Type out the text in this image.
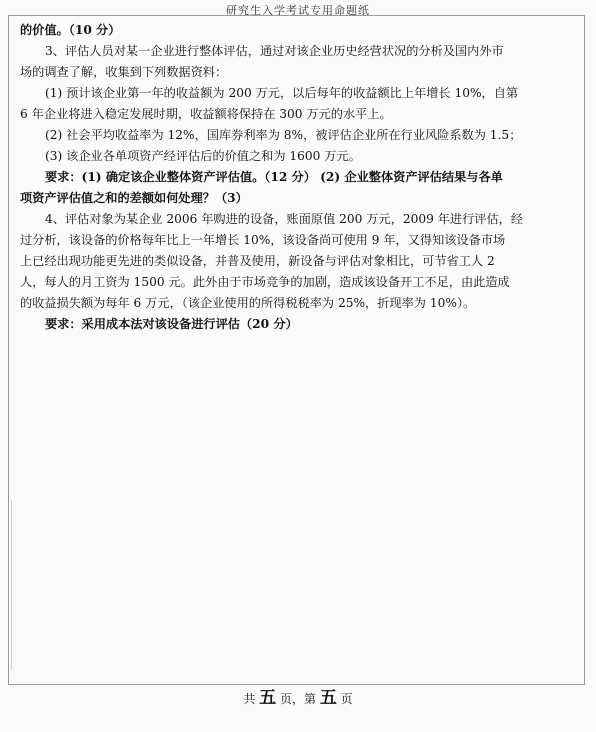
研究生入学考试专用命题纸
的价值。（10 分）
3、评估人员对某一企业进行整体评估，通过对该企业历史经营状况的分析及国内外市
场的调查了解，收集到下列数据资料：
(1) 预计该企业第一年的收益额为 200 万元，以后每年的收益额比上年增长 10%，自第
6 年企业将进入稳定发展时期，收益额将保持在 300 万元的水平上。
(2) 社会平均收益率为 12%，国库券利率为 8%，被评估企业所在行业风险系数为 1.5；
(3) 该企业各单项资产经评估后的价值之和为 1600 万元。
要求：(1) 确定该企业整体资产评估值。（12 分） (2) 企业整体资产评估结果与各单
项资产评估值之和的差额如何处理？（3）
4、评估对象为某企业 2006 年购进的设备，账面原值 200 万元，2009 年进行评估，经
过分析，该设备的价格每年比上一年增长 10%，该设备尚可使用 9 年，又得知该设备市场
上已经出现功能更先进的类似设备，并普及使用，新设备与评估对象相比，可节省工人 2
人，每人的月工资为 1500 元。此外由于市场竞争的加剧，造成该设备开工不足，由此造成
的收益损失额为每年 6 万元，（该企业使用的所得税税率为 25%，折现率为 10%）。
要求：采用成本法对该设备进行评估（20 分）
共 五 页，第 五 页
